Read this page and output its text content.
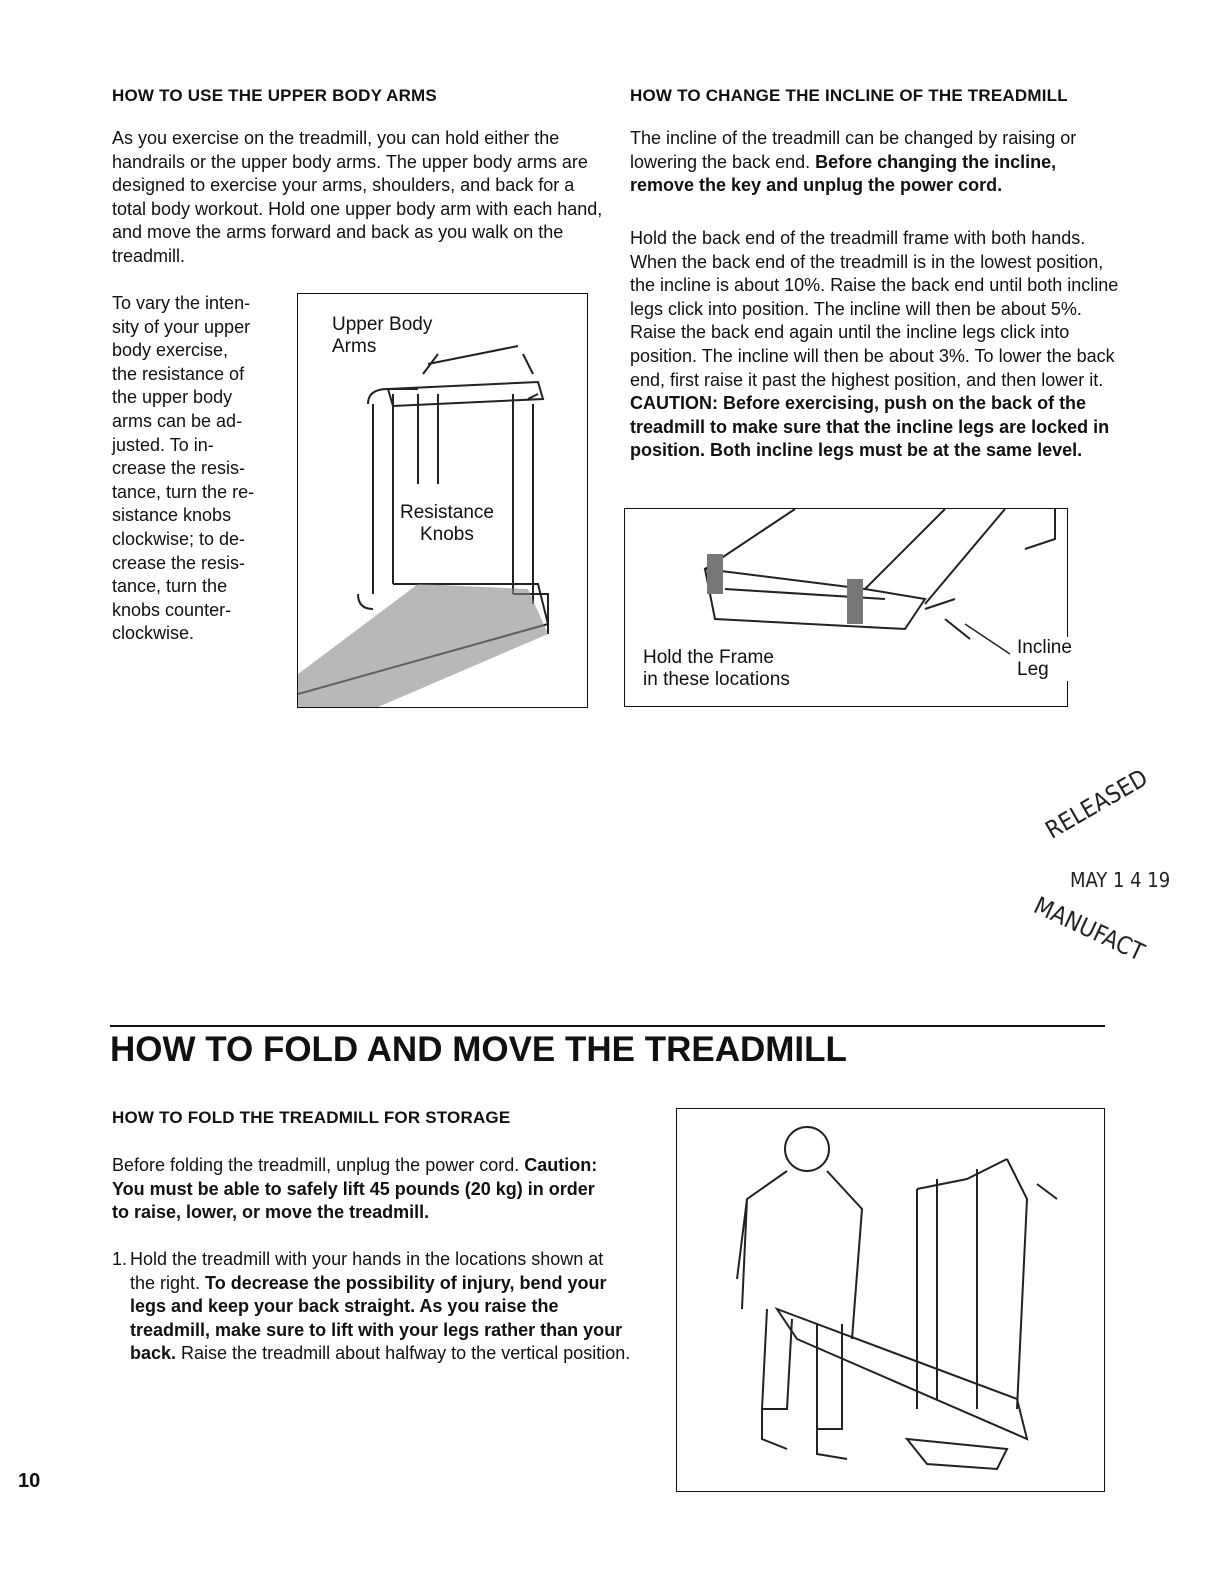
HOW TO USE THE UPPER BODY ARMS
As you exercise on the treadmill, you can hold either the handrails or the upper body arms. The upper body arms are designed to exercise your arms, shoulders, and back for a total body workout. Hold one upper body arm with each hand, and move the arms forward and back as you walk on the treadmill.
To vary the inten-
sity of your upper
body exercise,
the resistance of
the upper body
arms can be ad-
justed. To in-
crease the resis-
tance, turn the re-
sistance knobs
clockwise; to de-
crease the resis-
tance, turn the
knobs counter-
clockwise.
Upper Body
Arms
Resistance
Knobs
HOW TO CHANGE THE INCLINE OF THE TREADMILL
The incline of the treadmill can be changed by raising or lowering the back end. Before changing the incline, remove the key and unplug the power cord.
Hold the back end of the treadmill frame with both hands. When the back end of the treadmill is in the lowest position, the incline is about 10%. Raise the back end until both incline legs click into position. The incline will then be about 5%. Raise the back end again until the incline legs click into position. The incline will then be about 3%. To lower the back end, first raise it past the highest position, and then lower it. CAUTION: Before exercising, push on the back of the treadmill to make sure that the incline legs are locked in position. Both incline legs must be at the same level.
Hold the Frame
in these locations
Incline
Leg
RELEASED
MAY 1 4 19
MANUFACT
HOW TO FOLD AND MOVE THE TREADMILL
HOW TO FOLD THE TREADMILL FOR STORAGE
Before folding the treadmill, unplug the power cord. Caution: You must be able to safely lift 45 pounds (20 kg) in order to raise, lower, or move the treadmill.
1. Hold the treadmill with your hands in the locations shown at the right. To decrease the possibility of injury, bend your legs and keep your back straight. As you raise the treadmill, make sure to lift with your legs rather than your back. Raise the treadmill about halfway to the vertical position.
10
